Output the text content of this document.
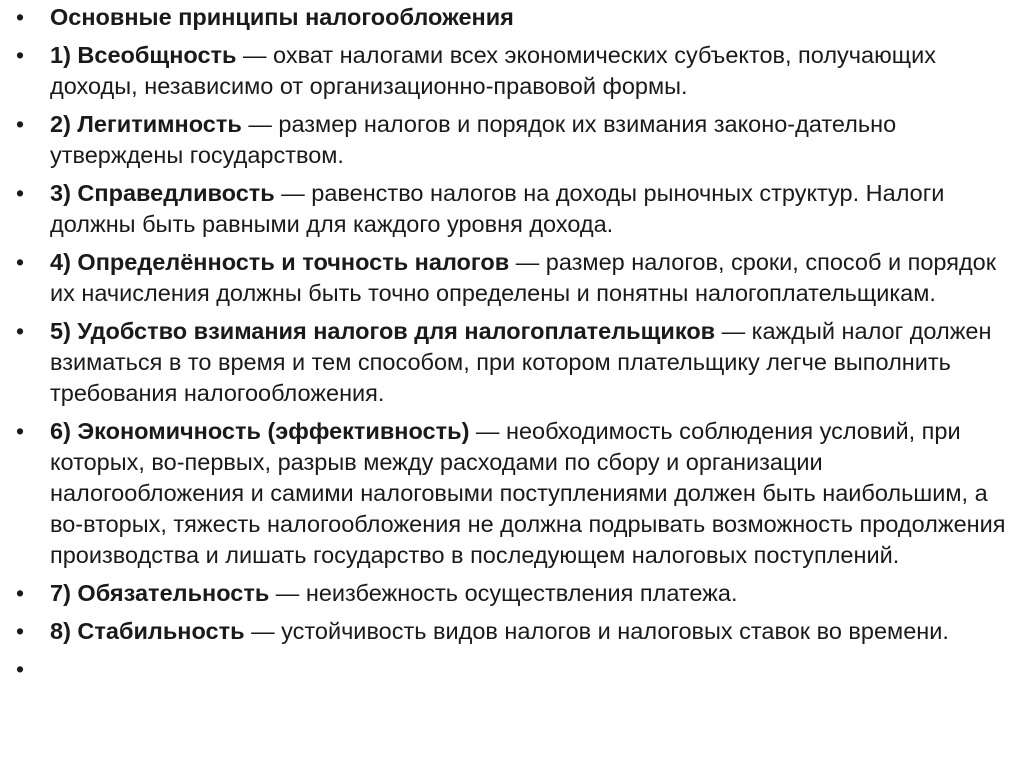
•	Основные принципы налогообложения
•	1) Всеобщность — охват налогами всех экономических субъектов, получающих доходы, независимо от организационно-правовой формы.
•	2) Легитимность — размер налогов и порядок их взимания законо-дательно утверждены государством.
•	3) Справедливость — равенство налогов на доходы рыночных структур. Налоги должны быть равными для каждого уровня дохода.
•	4) Определённость и точность налогов — размер налогов, сроки, способ и порядок их начисления должны быть точно определены и понятны налогоплательщикам.
•	5) Удобство взимания налогов для налогоплательщиков — каждый налог должен взиматься в то время и тем способом, при котором плательщику легче выполнить требования налогообложения.
•	6) Экономичность (эффективность) — необходимость соблюдения условий, при которых, во-первых, разрыв между расходами по сбору и организации налогообложения и самими налоговыми поступлениями должен быть наибольшим, а во-вторых, тяжесть налогообложения не должна подрывать возможность продолжения производства и лишать государство в последующем налоговых поступлений.
•	7) Обязательность — неизбежность осуществления платежа.
•	8) Стабильность — устойчивость видов налогов и налоговых ставок во времени.
•
